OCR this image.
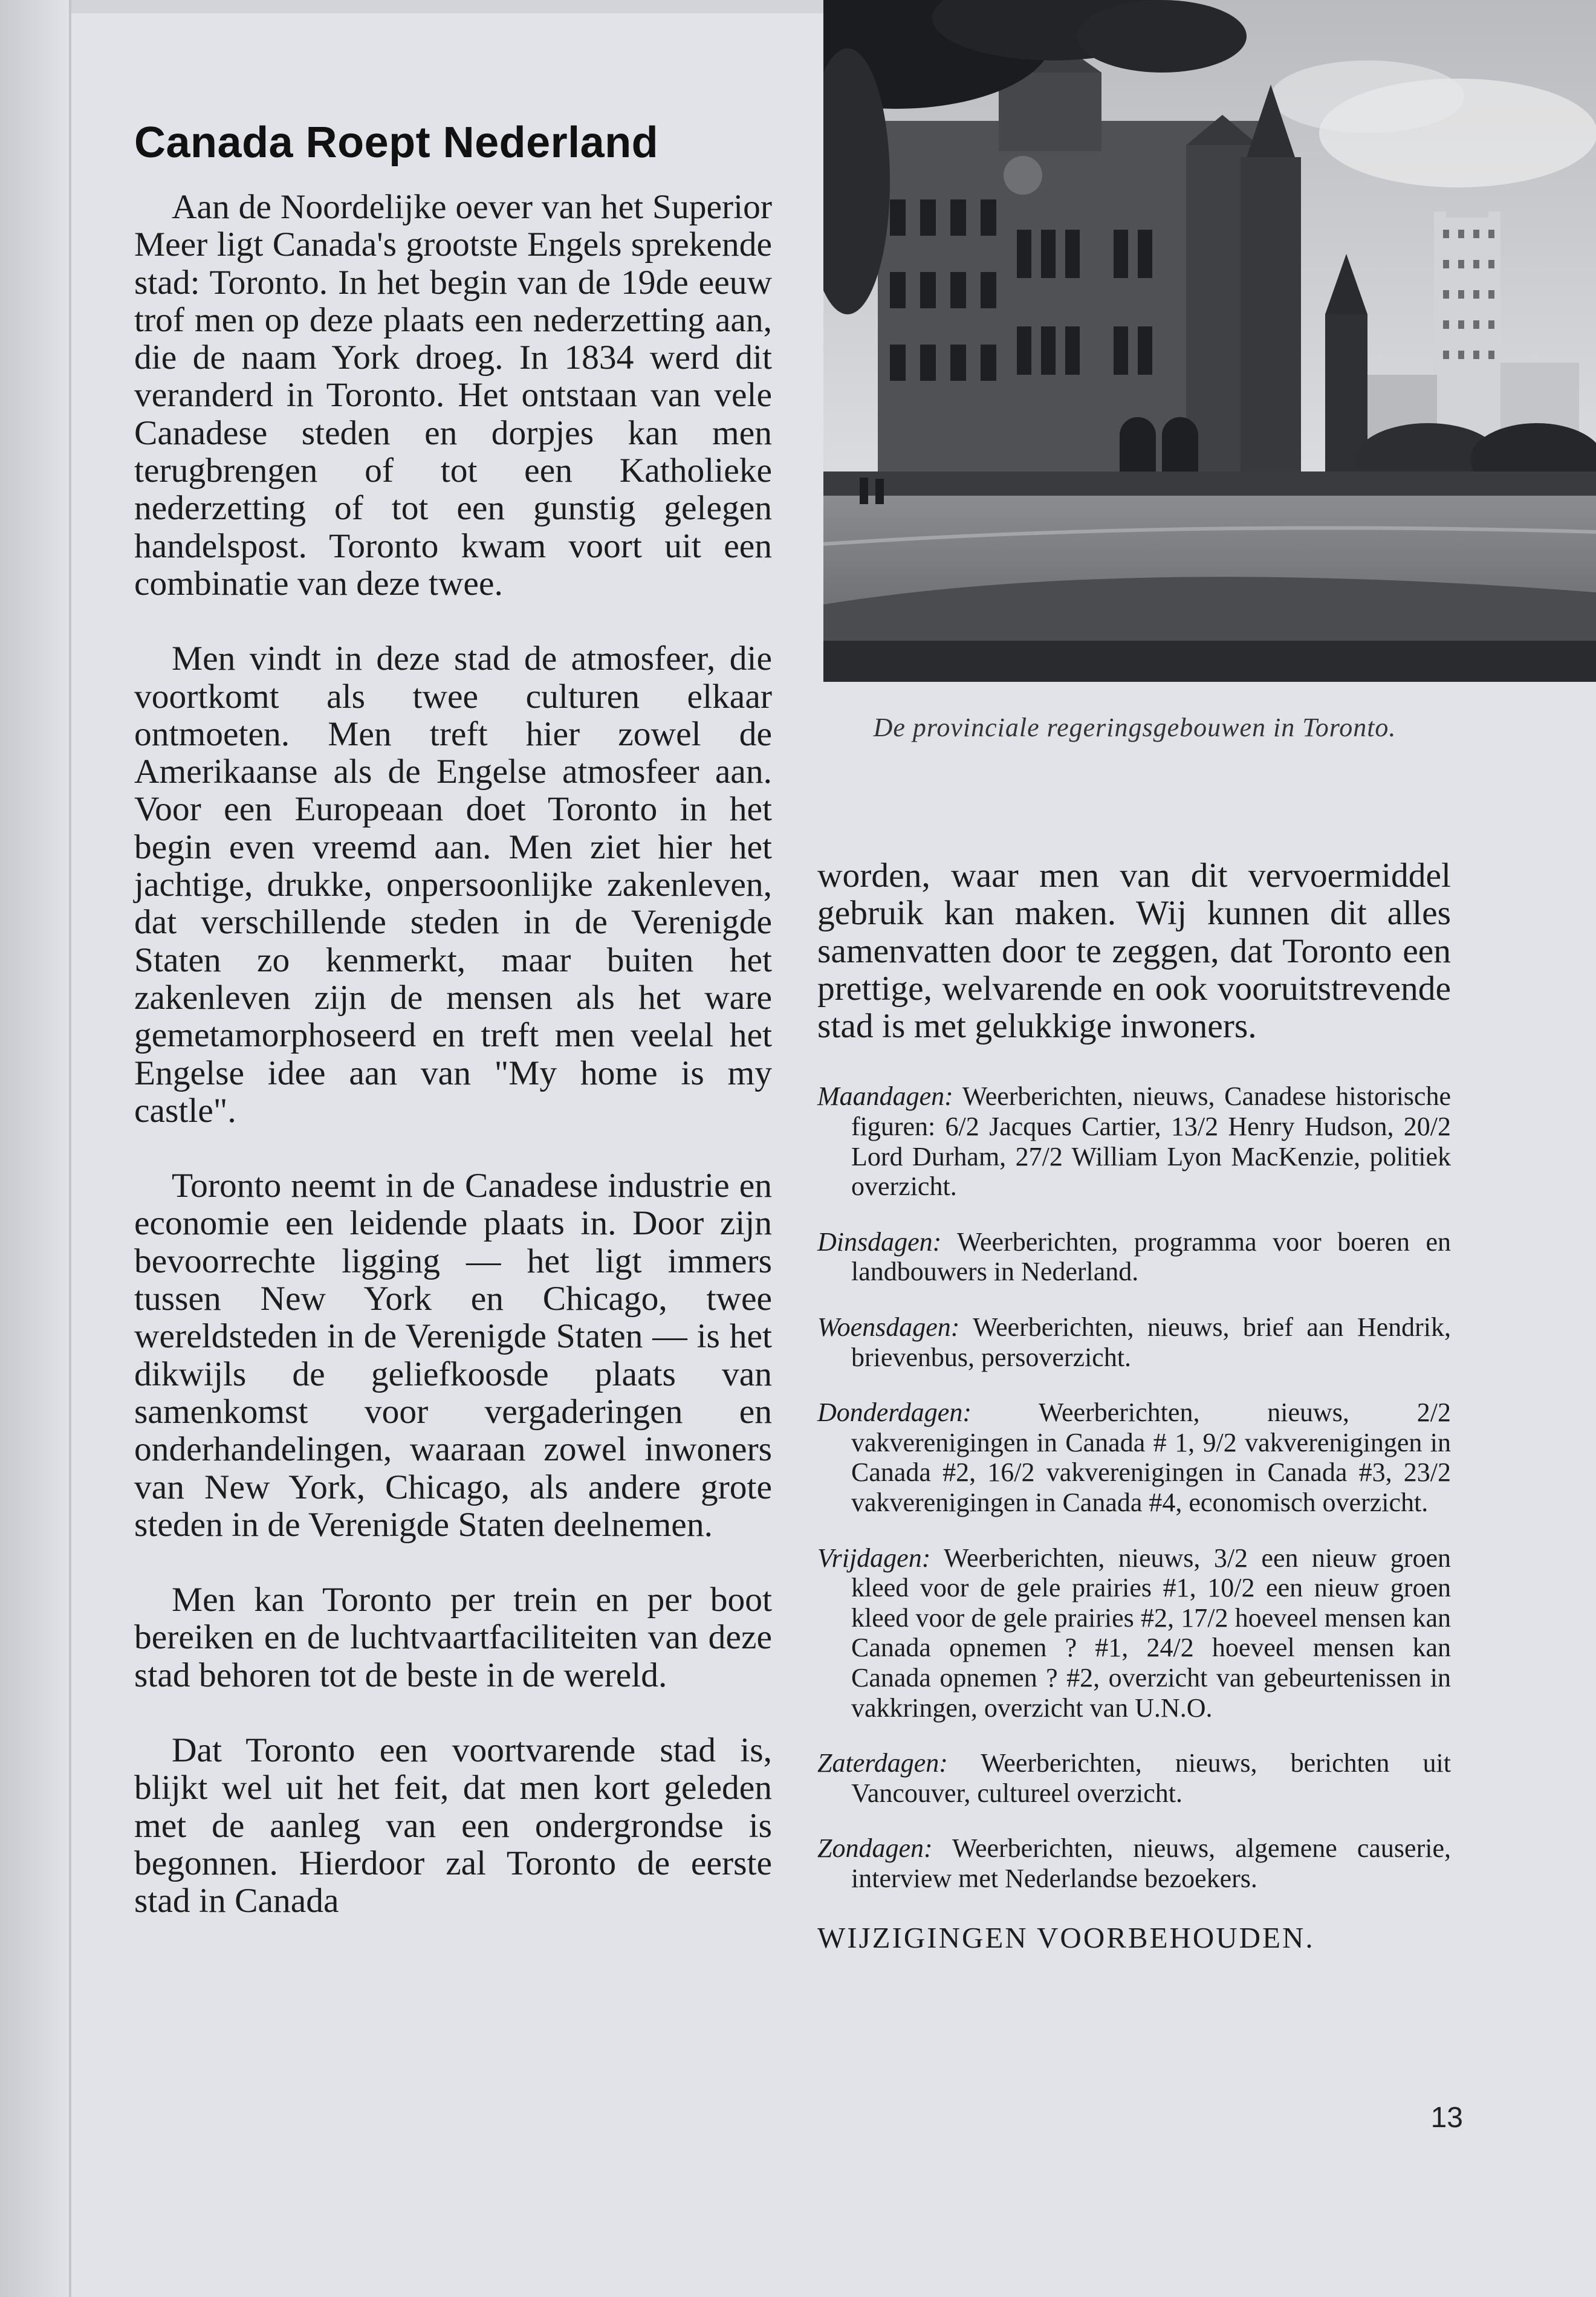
Canada Roept Nederland

Aan de Noordelijke oever van het Superior Meer ligt Canada's grootste Engels sprekende stad: Toronto. In het begin van de 19de eeuw trof men op deze plaats een nederzetting aan, die de naam York droeg. In 1834 werd dit veranderd in Toronto. Het ontstaan van vele Canadese steden en dorpjes kan men terugbrengen of tot een Katholieke nederzetting of tot een gunstig gelegen handelspost. Toronto kwam voort uit een combinatie van deze twee.

Men vindt in deze stad de atmosfeer, die voortkomt als twee culturen elkaar ontmoeten. Men treft hier zowel de Amerikaanse als de Engelse atmosfeer aan. Voor een Europeaan doet Toronto in het begin even vreemd aan. Men ziet hier het jachtige, drukke, onpersoonlijke zakenleven, dat verschillende steden in de Verenigde Staten zo kenmerkt, maar buiten het zakenleven zijn de mensen als het ware gemetamorphoseerd en treft men veelal het Engelse idee aan van "My home is my castle".

Toronto neemt in de Canadese industrie en economie een leidende plaats in. Door zijn bevoorrechte ligging — het ligt immers tussen New York en Chicago, twee wereldsteden in de Verenigde Staten — is het dikwijls de geliefkoosde plaats van samenkomst voor vergaderingen en onderhandelingen, waaraan zowel inwoners van New York, Chicago, als andere grote steden in de Verenigde Staten deelnemen.

Men kan Toronto per trein en per boot bereiken en de luchtvaartfaciliteiten van deze stad behoren tot de beste in de wereld.

Dat Toronto een voortvarende stad is, blijkt wel uit het feit, dat men kort geleden met de aanleg van een ondergrondse is begonnen. Hierdoor zal Toronto de eerste stad in Canada

De provinciale regeringsgebouwen in Toronto.

worden, waar men van dit vervoermiddel gebruik kan maken. Wij kunnen dit alles samenvatten door te zeggen, dat Toronto een prettige, welvarende en ook vooruitstrevende stad is met gelukkige inwoners.

Maandagen: Weerberichten, nieuws, Canadese historische figuren: 6/2 Jacques Cartier, 13/2 Henry Hudson, 20/2 Lord Durham, 27/2 William Lyon MacKenzie, politiek overzicht.

Dinsdagen: Weerberichten, programma voor boeren en landbouwers in Nederland.

Woensdagen: Weerberichten, nieuws, brief aan Hendrik, brievenbus, persoverzicht.

Donderdagen:	Weerberichten, nieuws, 2/2 vakverenigingen in Canada # 1, 9/2 vakverenigingen in Canada #2, 16/2 vakverenigingen in Canada #3, 23/2 vakverenigingen in Canada #4, economisch overzicht.

Vrijdagen: Weerberichten, nieuws, 3/2 een nieuw groen kleed voor de gele prairies #1, 10/2 een nieuw groen kleed voor de gele prairies #2, 17/2 hoeveel mensen kan Canada opnemen ? #1, 24/2 hoeveel mensen kan Canada opnemen ? #2, overzicht van gebeurtenissen in vakkringen, overzicht van U.N.O.

Zaterdagen: Weerberichten, nieuws, berichten uit Vancouver, cultureel overzicht.

Zondagen: Weerberichten, nieuws, algemene causerie, interview met Nederlandse bezoekers.

WIJZIGINGEN VOORBEHOUDEN.
13
